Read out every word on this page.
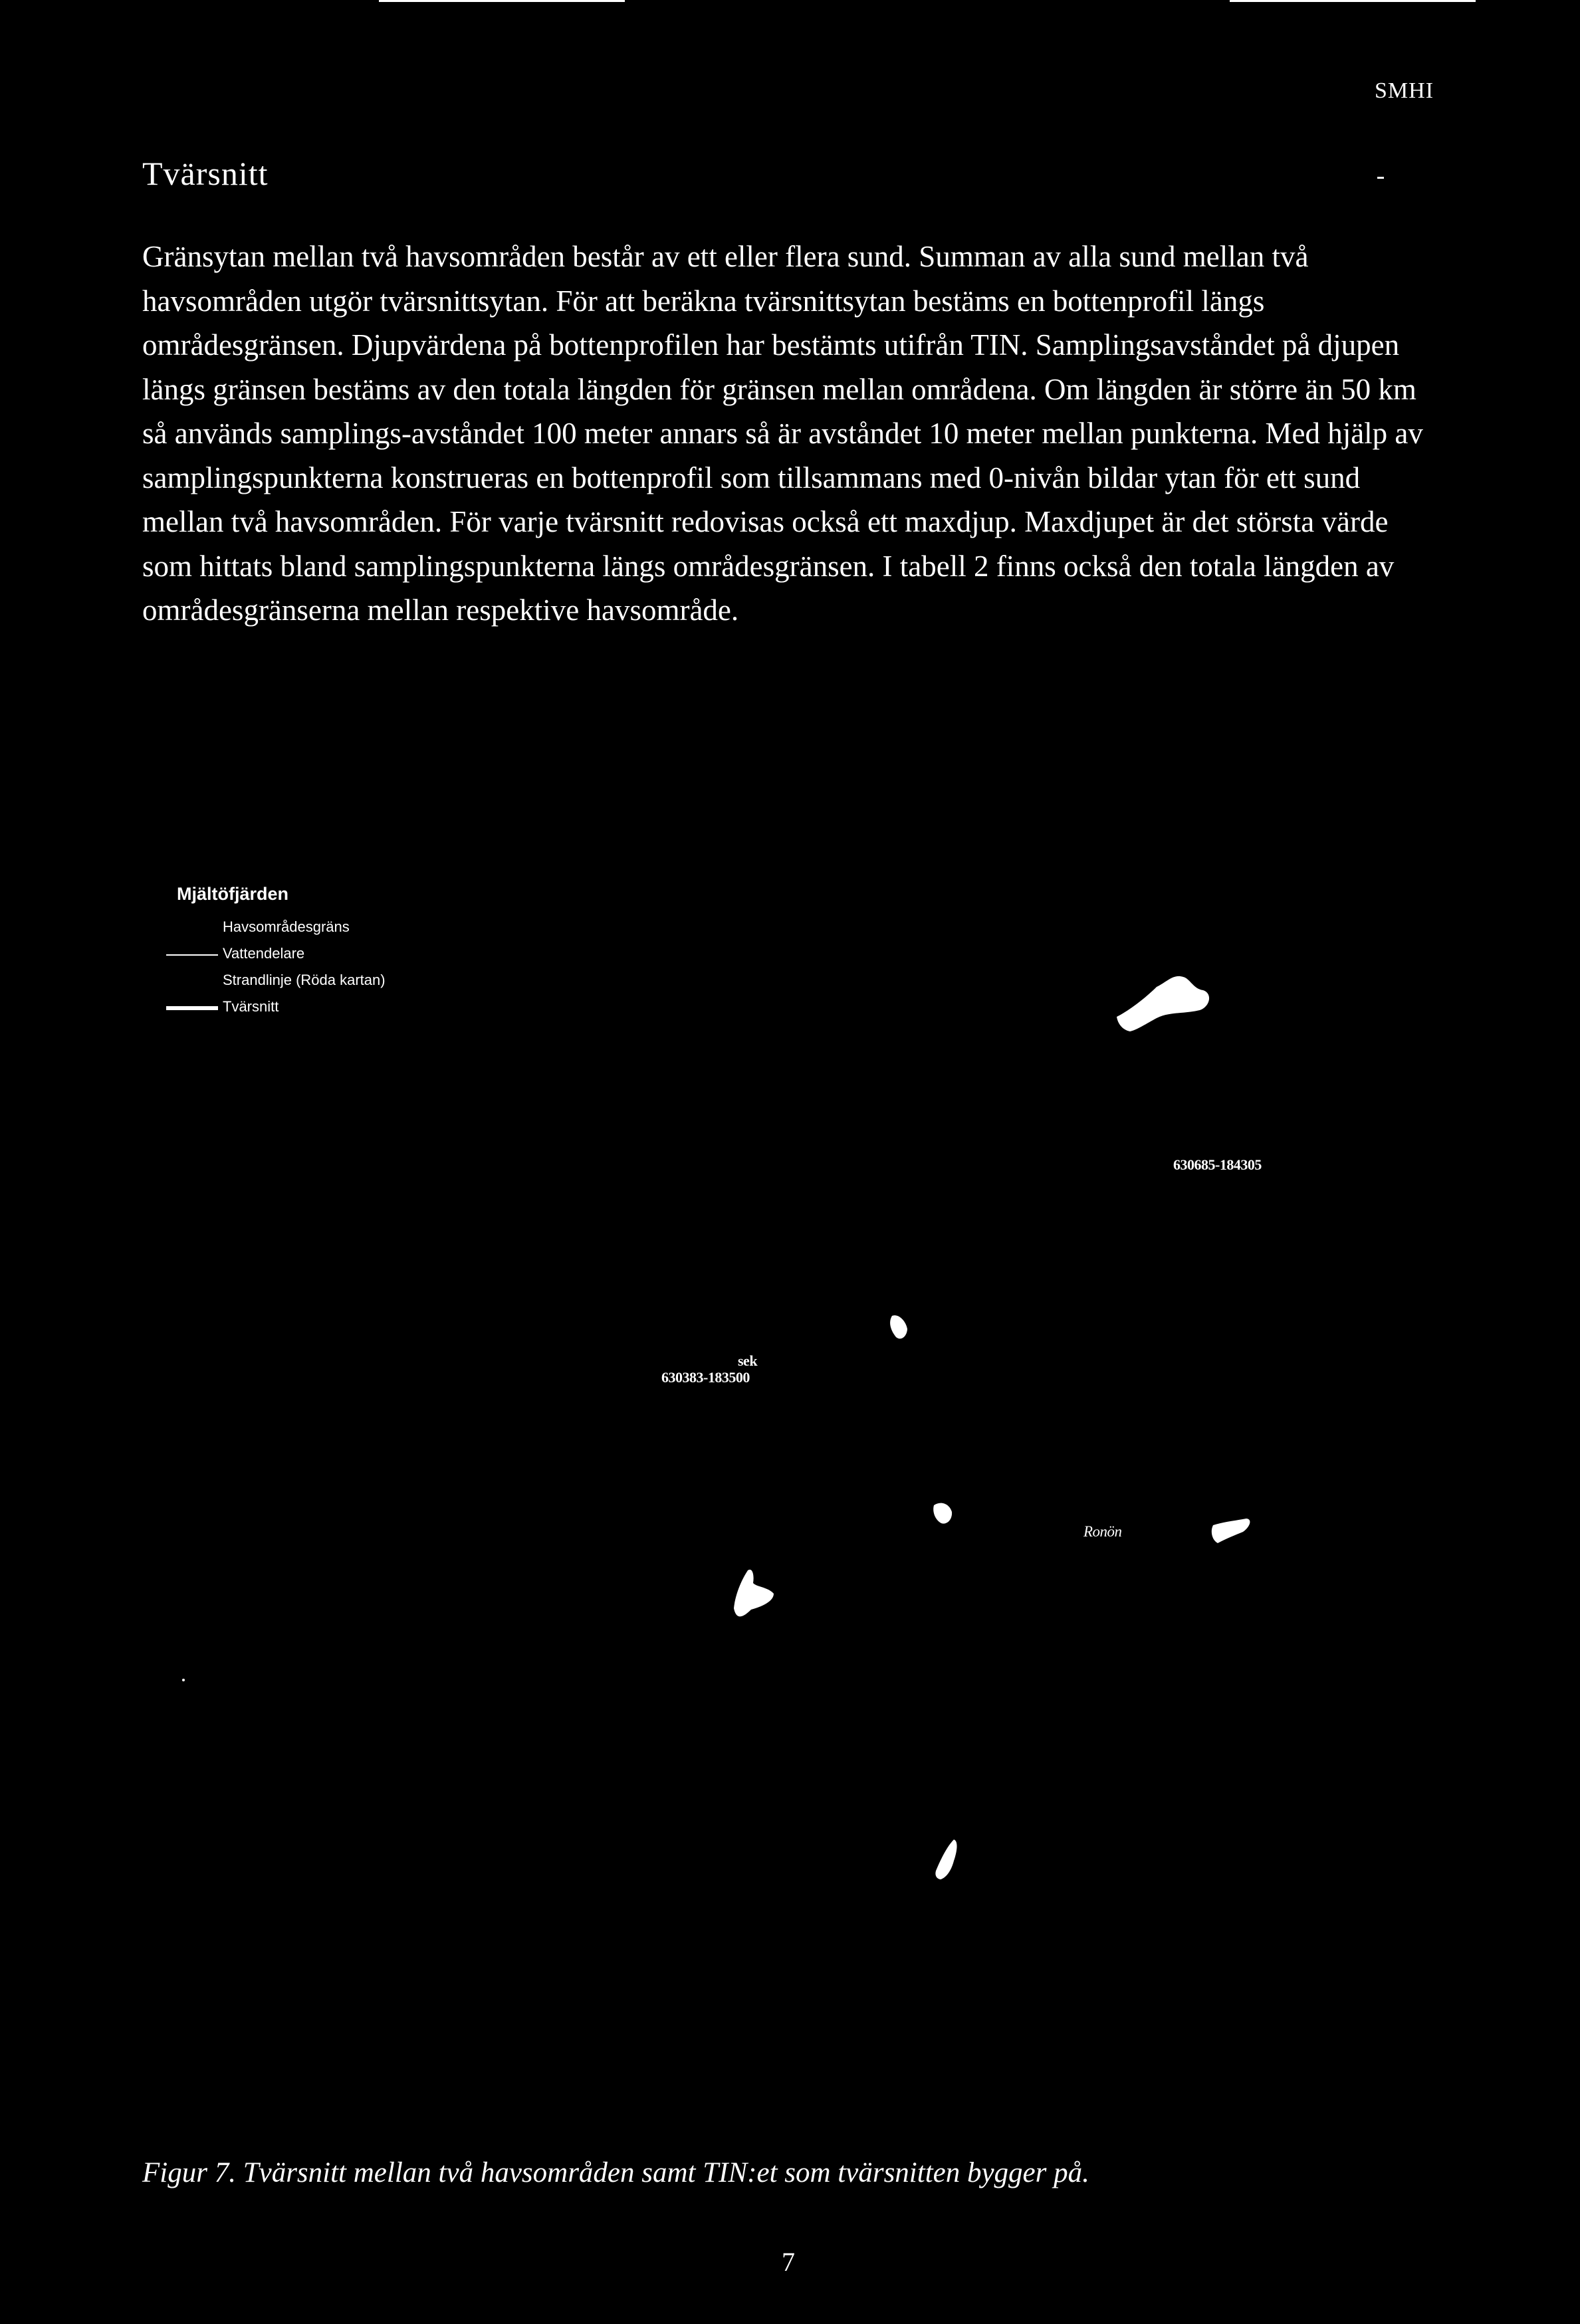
SMHI
Tvärsnitt

Gränsytan mellan två havsområden består av ett eller flera sund. Summan av alla sund mellan två havsområden utgör tvärsnittsytan. För att beräkna tvärsnittsytan bestäms en bottenprofil längs områdesgränsen. Djupvärdena på bottenprofilen har bestämts utifrån TIN. Samplingsavståndet på djupen längs gränsen bestäms av den totala längden för gränsen mellan områdena. Om längden är större än 50 km så används samplings-avståndet 100 meter annars så är avståndet 10 meter mellan punkterna. Med hjälp av samplingspunkterna konstrueras en bottenprofil som tillsammans med 0-nivån bildar ytan för ett sund mellan två havsområden. För varje tvärsnitt redovisas också ett maxdjup. Maxdjupet är det största värde som hittats bland samplingspunkterna längs områdesgränsen. I tabell 2 finns också den totala längden av områdesgränserna mellan respektive havsområde.

Mjältöfjärden
Havsområdesgräns
Vattendelare
Strandlinje (Röda kartan)
Tvärsnitt
630685-184305
sek
630383-183500
Ronön

Figur 7. Tvärsnitt mellan två havsområden samt TIN:et som tvärsnitten bygger på.

7
